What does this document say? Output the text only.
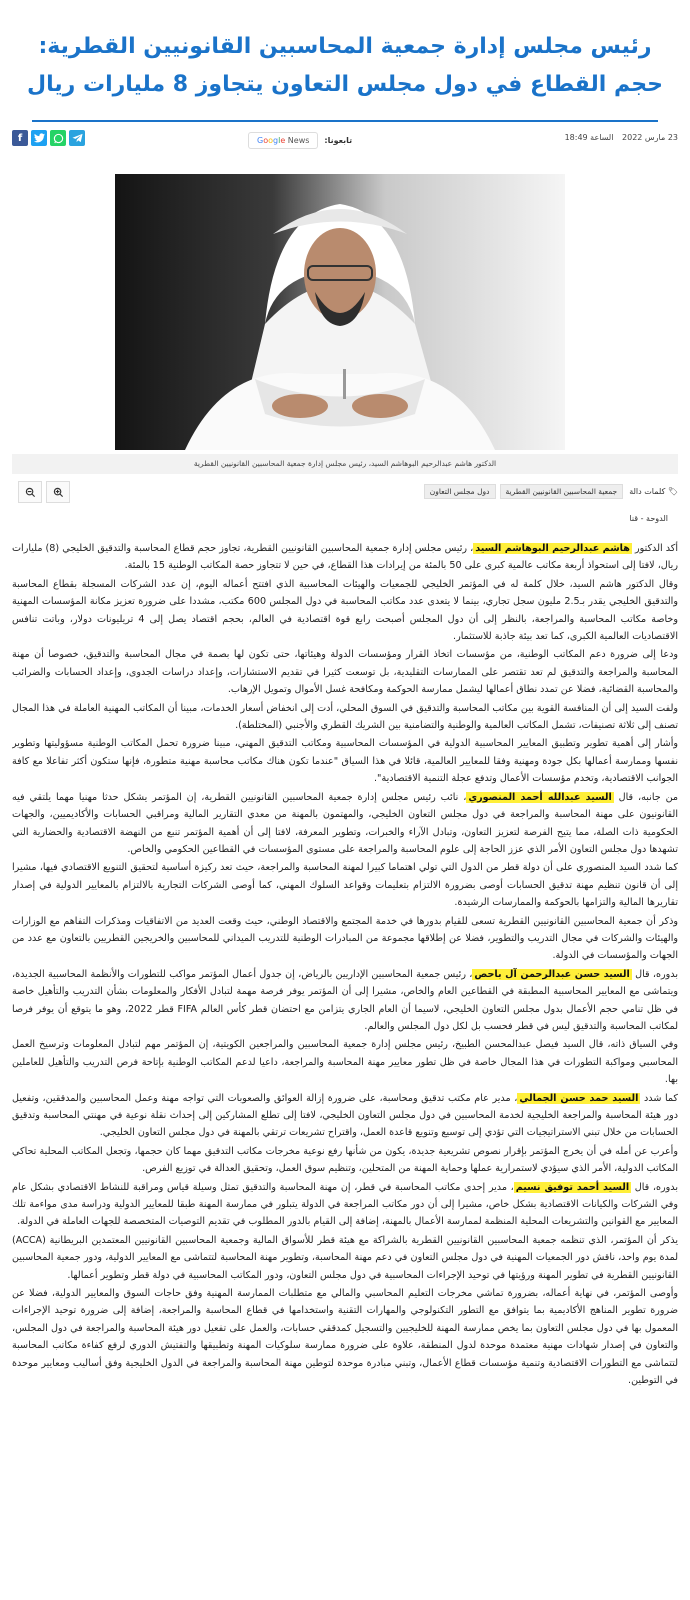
رئيس مجلس إدارة جمعية المحاسبين القانونيين القطرية: حجم القطاع في دول مجلس التعاون يتجاوز 8 مليارات ريال
23 مارس 2022 الساعة 18:49
تابعونا:
Google News
f
الدكتور هاشم عبدالرحيم البوهاشم السيد، رئيس مجلس إدارة جمعية المحاسبين القانونيين القطرية
🏷 كلمات دالة
جمعية المحاسبين القانونيين القطرية
دول مجلس التعاون
الدوحة - قنا

أكد الدكتور هاشم عبدالرحيم البوهاشم السيد، رئيس مجلس إدارة جمعية المحاسبين القانونيين القطرية، تجاوز حجم قطاع المحاسبة والتدقيق الخليجي (8) مليارات ريال، لافتا إلى استحواذ أربعة مكاتب عالمية كبرى على 50 بالمئة من إيرادات هذا القطاع، في حين لا تتجاوز حصة المكاتب الوطنية 15 بالمئة.

وقال الدكتور هاشم السيد، خلال كلمة له في المؤتمر الخليجي للجمعيات والهيئات المحاسبية الذي افتتح أعماله اليوم، إن عدد الشركات المسجلة بقطاع المحاسبة والتدقيق الخليجي يقدر بـ2.5 مليون سجل تجاري، بينما لا يتعدى عدد مكاتب المحاسبة في دول المجلس 600 مكتب، مشددا على ضرورة تعزيز مكانة المؤسسات المهنية وخاصة مكاتب المحاسبة والمراجعة، بالنظر إلى أن دول المجلس أصبحت رابع قوة اقتصادية في العالم، بحجم اقتصاد يصل إلى 4 تريليونات دولار، وباتت تنافس الاقتصاديات العالمية الكبرى، كما تعد بيئة جاذبة للاستثمار.

ودعا إلى ضرورة دعم المكاتب الوطنية، من مؤسسات اتخاذ القرار ومؤسسات الدولة وهيئاتها، حتى تكون لها بصمة في مجال المحاسبة والتدقيق، خصوصا أن مهنة المحاسبة والمراجعة والتدقيق لم تعد تقتصر على الممارسات التقليدية، بل توسعت كثيرا في تقديم الاستشارات، وإعداد دراسات الجدوى، وإعداد الحسابات والضرائب والمحاسبة القضائية، فضلا عن تمدد نطاق أعمالها ليشمل ممارسة الحوكمة ومكافحة غسل الأموال وتمويل الإرهاب.

ولفت السيد إلى أن المنافسة القوية بين مكاتب المحاسبة والتدقيق في السوق المحلي، أدت إلى انخفاض أسعار الخدمات، مبينا أن المكاتب المهنية العاملة في هذا المجال تصنف إلى ثلاثة تصنيفات، تشمل المكاتب العالمية والوطنية والتضامنية بين الشريك القطري والأجنبي (المختلطة).

وأشار إلى أهمية تطوير وتطبيق المعايير المحاسبية الدولية في المؤسسات المحاسبية ومكاتب التدقيق المهني، مبينا ضرورة تحمل المكاتب الوطنية مسؤوليتها وتطوير نفسها وممارسة أعمالها بكل جودة ومهنية وفقا للمعايير العالمية، قائلا في هذا السياق "عندما تكون هناك مكاتب محاسبة مهنية متطورة، فإنها ستكون أكثر تفاعلا مع كافة الجوانب الاقتصادية، وتخدم مؤسسات الأعمال وتدفع عجلة التنمية الاقتصادية".

من جانبه، قال السيد عبدالله أحمد المنصوري، نائب رئيس مجلس إدارة جمعية المحاسبين القانونيين القطرية، إن المؤتمر يشكل حدثا مهنيا مهما يلتقي فيه القانونيون على مهنة المحاسبة والمراجعة في دول مجلس التعاون الخليجي، والمهتمون بالمهنة من معدي التقارير المالية ومراقبي الحسابات والأكاديميين، والجهات الحكومية ذات الصلة، مما يتيح الفرصة لتعزيز التعاون، وتبادل الآراء والخبرات، وتطوير المعرفة، لافتا إلى أن أهمية المؤتمر تنبع من النهضة الاقتصادية والحضارية التي تشهدها دول مجلس التعاون الأمر الذي عزز الحاجة إلى علوم المحاسبة والمراجعة على مستوى المؤسسات في القطاعين الحكومي والخاص.

كما شدد السيد المنصوري على أن دولة قطر من الدول التي تولي اهتماما كبيرا لمهنة المحاسبة والمراجعة، حيث تعد ركيزة أساسية لتحقيق التنويع الاقتصادي فيها، مشيرا إلى أن قانون تنظيم مهنة تدقيق الحسابات أوصى بضرورة الالتزام بتعليمات وقواعد السلوك المهني، كما أوصى الشركات التجارية بالالتزام بالمعايير الدولية في إصدار تقاريرها المالية والتزامها بالحوكمة والممارسات الرشيدة.

وذكر أن جمعية المحاسبين القانونيين القطرية تسعى للقيام بدورها في خدمة المجتمع والاقتصاد الوطني، حيث وقعت العديد من الاتفاقيات ومذكرات التفاهم مع الوزارات والهيئات والشركات في مجال التدريب والتطوير، فضلا عن إطلاقها مجموعة من المبادرات الوطنية للتدريب الميداني للمحاسبين والخريجين القطريين بالتعاون مع عدد من الجهات والمؤسسات في الدولة.

بدوره، قال السيد حسن عبدالرحمن آل باحص، رئيس جمعية المحاسبين الإداريين بالرياض، إن جدول أعمال المؤتمر مواكب للتطورات والأنظمة المحاسبية الجديدة، ويتماشى مع المعايير المحاسبية المطبقة في القطاعين العام والخاص، مشيرا إلى أن المؤتمر يوفر فرصة مهمة لتبادل الأفكار والمعلومات بشأن التدريب والتأهيل خاصة في ظل تنامي حجم الأعمال بدول مجلس التعاون الخليجي، لاسيما أن العام الجاري يتزامن مع احتضان قطر كأس العالم FIFA قطر 2022، وهو ما يتوقع أن يوفر فرصا لمكاتب المحاسبة والتدقيق ليس في قطر فحسب بل لكل دول المجلس والعالم.

وفي السياق ذاته، قال السيد فيصل عبدالمحسن الطبيخ، رئيس مجلس إدارة جمعية المحاسبين والمراجعين الكويتية، إن المؤتمر مهم لتبادل المعلومات وترسيخ العمل المحاسبي ومواكبة التطورات في هذا المجال خاصة في ظل تطور معايير مهنة المحاسبة والمراجعة، داعيا لدعم المكاتب الوطنية بإتاحة فرص التدريب والتأهيل للعاملين بها.

كما شدد السيد حمد حسن الجمالي، مدير عام مكتب تدقيق ومحاسبة، على ضرورة إزالة العوائق والصعوبات التي تواجه مهنة وعمل المحاسبين والمدققين، وتفعيل دور هيئة المحاسبة والمراجعة الخليجية لخدمة المحاسبين في دول مجلس التعاون الخليجي، لافتا إلى تطلع المشاركين إلى إحداث نقلة نوعية في مهنتي المحاسبة وتدقيق الحسابات من خلال تبني الاستراتيجيات التي تؤدي إلى توسيع وتنويع قاعدة العمل، واقتراح تشريعات ترتقي بالمهنة في دول مجلس التعاون الخليجي.

وأعرب عن أمله في أن يخرج المؤتمر بإقرار نصوص تشريعية جديدة، يكون من شأنها رفع نوعية مخرجات مكاتب التدقيق مهما كان حجمها، وتجعل المكاتب المحلية تحاكي المكاتب الدولية، الأمر الذي سيؤدي لاستمرارية عملها وحماية المهنة من المتحلين، وتنظيم سوق العمل، وتحقيق العدالة في توزيع الفرص.

بدوره، قال السيد أحمد توفيق نسيم، مدير إحدى مكاتب المحاسبة في قطر، إن مهنة المحاسبة والتدقيق تمثل وسيلة قياس ومراقبة للنشاط الاقتصادي بشكل عام وفي الشركات والكيانات الاقتصادية بشكل خاص، مشيرا إلى أن دور مكاتب المراجعة في الدولة يتبلور في ممارسة المهنة طبقا للمعايير الدولية ودراسة مدى مواءمة تلك المعايير مع القوانين والتشريعات المحلية المنظمة لممارسة الأعمال بالمهنة، إضافة إلى القيام بالدور المطلوب في تقديم التوصيات المتخصصة للجهات العاملة في الدولة.

يذكر أن المؤتمر، الذي تنظمه جمعية المحاسبين القانونيين القطرية بالشراكة مع هيئة قطر للأسواق المالية وجمعية المحاسبين القانونيين المعتمدين البريطانية (ACCA) لمدة يوم واحد، ناقش دور الجمعيات المهنية في دول مجلس التعاون في دعم مهنة المحاسبة، وتطوير مهنة المحاسبة لتتماشى مع المعايير الدولية، ودور جمعية المحاسبين القانونيين القطرية في تطوير المهنة ورؤيتها في توحيد الإجراءات المحاسبية في دول مجلس التعاون، ودور المكاتب المحاسبية في دولة قطر وتطوير أعمالها.

وأوصى المؤتمر، في نهاية أعماله، بضرورة تماشي مخرجات التعليم المحاسبي والمالي مع متطلبات الممارسة المهنية وفق حاجات السوق والمعايير الدولية، فضلا عن ضرورة تطوير المناهج الأكاديمية بما يتوافق مع التطور التكنولوجي والمهارات التقنية واستخدامها في قطاع المحاسبة والمراجعة، إضافة إلى ضرورة توحيد الإجراءات المعمول بها في دول مجلس التعاون بما يخص ممارسة المهنة للخليجيين والتسجيل كمدققي حسابات، والعمل على تفعيل دور هيئة المحاسبة والمراجعة في دول المجلس، والتعاون في إصدار شهادات مهنية معتمدة موحدة لدول المنطقة، علاوة على ضرورة ممارسة سلوكيات المهنة وتطبيقها والتفتيش الدوري لرفع كفاءة مكاتب المحاسبة لتتماشى مع التطورات الاقتصادية وتنمية مؤسسات قطاع الأعمال، وتبني مبادرة موحدة لتوطين مهنة المحاسبة والمراجعة في الدول الخليجية وفق أساليب ومعايير موحدة في التوطين.
